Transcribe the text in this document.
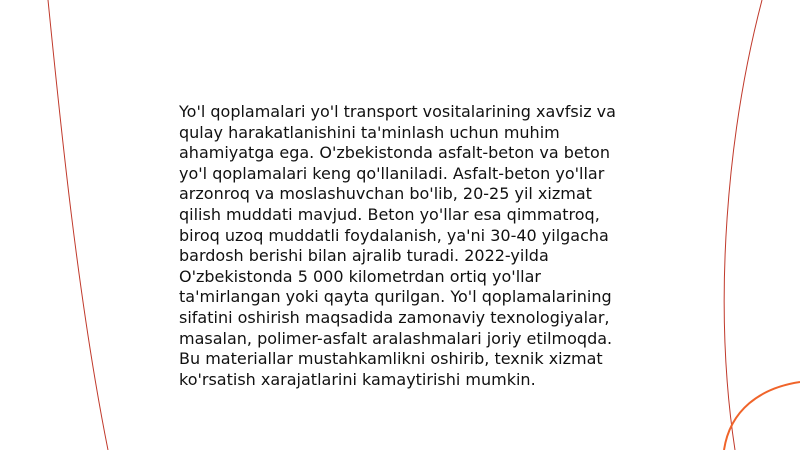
Yo'l qoplamalari yo'l transport vositalarining xavfsiz va
qulay harakatlanishini ta'minlash uchun muhim
ahamiyatga ega. O'zbekistonda asfalt-beton va beton
yo'l qoplamalari keng qo'llaniladi. Asfalt-beton yo'llar
arzonroq va moslashuvchan bo'lib, 20-25 yil xizmat
qilish muddati mavjud. Beton yo'llar esa qimmatroq,
biroq uzoq muddatli foydalanish, ya'ni 30-40 yilgacha
bardosh berishi bilan ajralib turadi. 2022-yilda
O'zbekistonda 5 000 kilometrdan ortiq yo'llar
ta'mirlangan yoki qayta qurilgan. Yo'l qoplamalarining
sifatini oshirish maqsadida zamonaviy texnologiyalar,
masalan, polimer-asfalt aralashmalari joriy etilmoqda.
Bu materiallar mustahkamlikni oshirib, texnik xizmat
ko'rsatish xarajatlarini kamaytirishi mumkin.
